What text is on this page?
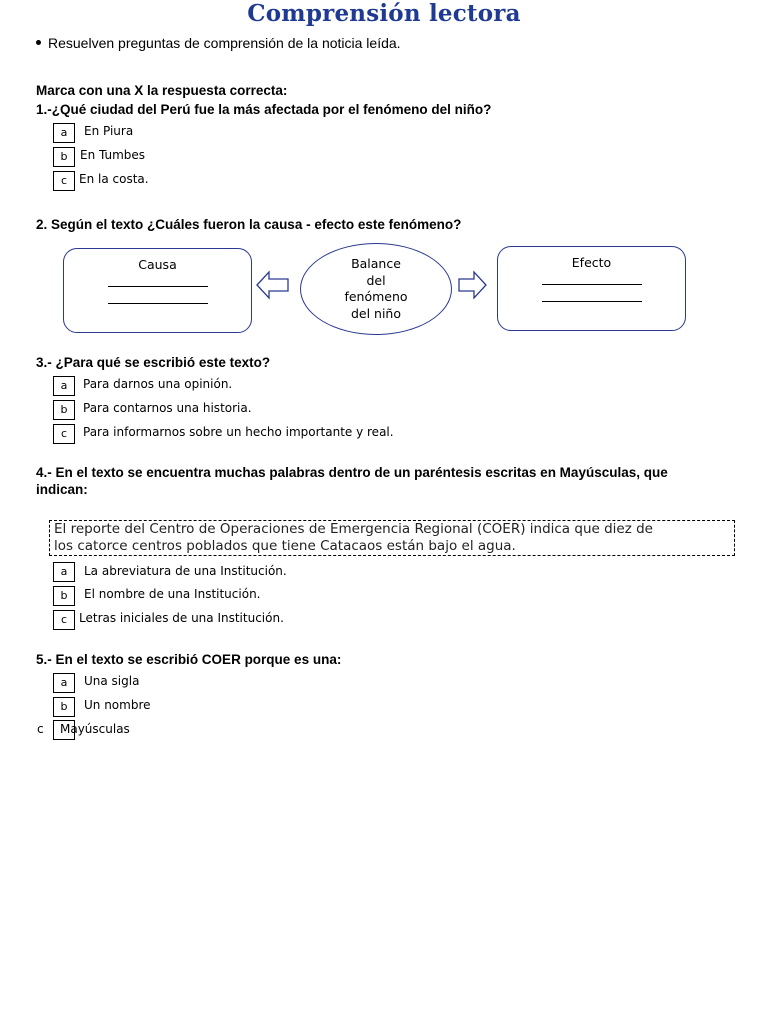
Resuelven preguntas de comprensión de la noticia leída.
Comprensión lectora
Marca con una X la respuesta correcta:
1.-¿Qué ciudad del Perú fue la más afectada por el fenómeno del niño?
a	En Piura
b	En Tumbes
c En la costa.
2. Según el texto ¿Cuáles fueron la causa - efecto este fenómeno?
Causa	Balance
del
fenómeno
del niño
Efecto
3.- ¿Para qué se escribió este texto?
a	Para darnos una opinión.
b	Para contarnos una historia.
c	Para informarnos sobre un hecho importante y real.
4.- En el texto se encuentra muchas palabras dentro de un paréntesis escritas en Mayúsculas, que
indican:
El reporte del Centro de Operaciones de Emergencia Regional (COER) indica que diez de
los catorce centros poblados que tiene Catacaos están bajo el agua.
a	La abreviatura de una Institución.
b	El nombre de una Institución.
c Letras iniciales de una Institución.
5.- En el texto se escribió COER porque es una:
a	Una sigla
b	Un nombre
c Mayúsculas
